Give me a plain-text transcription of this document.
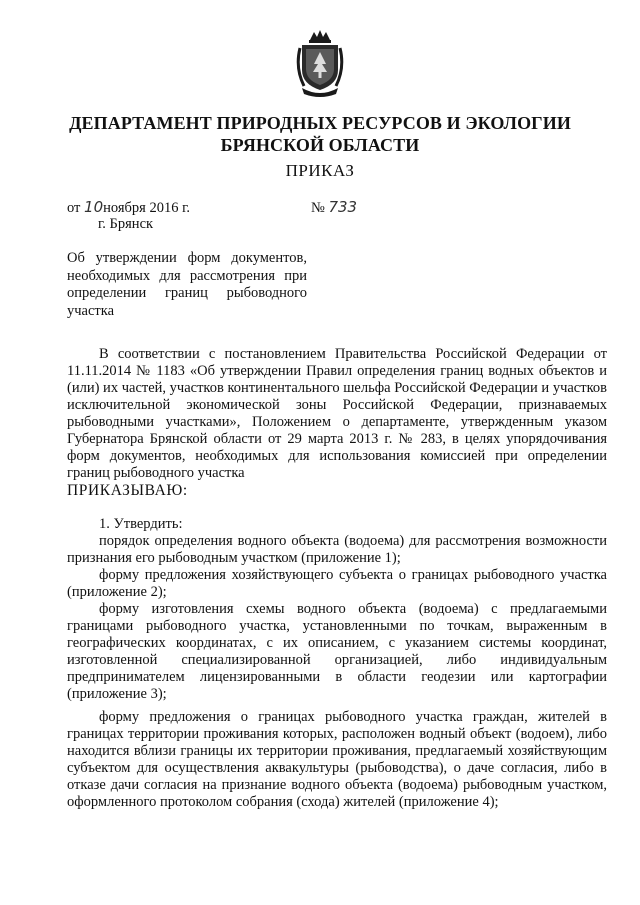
ДЕПАРТАМЕНТ ПРИРОДНЫХ РЕСУРСОВ И ЭКОЛОГИИ
БРЯНСКОЙ ОБЛАСТИ
ПРИКАЗ
от 10ноября 2016 г.	№ 733
г. Брянск
Об утверждении форм документов,
необходимых для рассмотрения при
определении границ рыбоводного
участка

В соответствии с постановлением Правительства Российской Федерации от 11.11.2014 № 1183 «Об утверждении Правил определения границ водных объектов и (или) их частей, участков континентального шельфа Российской Федерации и участков исключительной экономической зоны Российской Федерации, признаваемых рыбоводными участками», Положением о департаменте, утвержденным указом Губернатора Брянской области от 29 марта 2013 г. № 283, в целях упорядочивания форм документов, необходимых для использования комиссией при определении границ рыбоводного участка

ПРИКАЗЫВАЮ:
1. Утвердить:

порядок определения водного объекта (водоема) для рассмотрения возможности признания его рыбоводным участком (приложение 1);

форму предложения хозяйствующего субъекта о границах рыбоводного участка (приложение 2);

форму изготовления схемы водного объекта (водоема) с предлагаемыми границами рыбоводного участка, установленными по точкам, выраженным в географических координатах, с их описанием, с указанием системы координат, изготовленной специализированной организацией, либо индивидуальным предпринимателем лицензированными в области геодезии или картографии (приложение 3);

форму предложения о границах рыбоводного участка граждан, жителей в границах территории проживания которых, расположен водный объект (водоем), либо находится вблизи границы их территории проживания, предлагаемый хозяйствующим субъектом для осуществления аквакультуры (рыбоводства), о даче согласия, либо в отказе дачи согласия на признание водного объекта (водоема) рыбоводным участком, оформленного протоколом собрания (схода) жителей (приложение 4);
